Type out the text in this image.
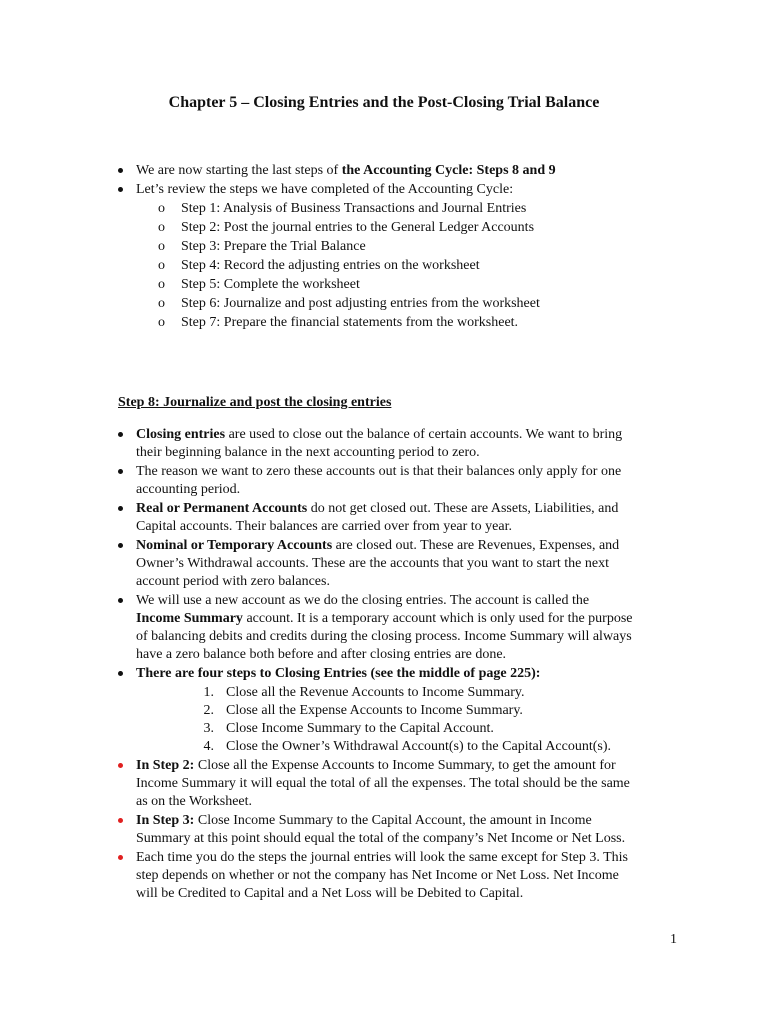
Chapter 5 – Closing Entries and the Post-Closing Trial Balance
We are now starting the last steps of the Accounting Cycle: Steps 8 and 9
Let’s review the steps we have completed of the Accounting Cycle:
o Step 1: Analysis of Business Transactions and Journal Entries
o Step 2: Post the journal entries to the General Ledger Accounts
o Step 3: Prepare the Trial Balance
o Step 4: Record the adjusting entries on the worksheet
o Step 5: Complete the worksheet
o Step 6: Journalize and post adjusting entries from the worksheet
o Step 7: Prepare the financial statements from the worksheet.
Step 8: Journalize and post the closing entries
Closing entries are used to close out the balance of certain accounts. We want to bring
their beginning balance in the next accounting period to zero.
The reason we want to zero these accounts out is that their balances only apply for one
accounting period.
Real or Permanent Accounts do not get closed out. These are Assets, Liabilities, and
Capital accounts. Their balances are carried over from year to year.
Nominal or Temporary Accounts are closed out. These are Revenues, Expenses, and
Owner’s Withdrawal accounts. These are the accounts that you want to start the next
account period with zero balances.
We will use a new account as we do the closing entries. The account is called the
Income Summary account. It is a temporary account which is only used for the purpose
of balancing debits and credits during the closing process. Income Summary will always
have a zero balance both before and after closing entries are done.
There are four steps to Closing Entries (see the middle of page 225):
1. Close all the Revenue Accounts to Income Summary.
2. Close all the Expense Accounts to Income Summary.
3. Close Income Summary to the Capital Account.
4. Close the Owner’s Withdrawal Account(s) to the Capital Account(s).
In Step 2: Close all the Expense Accounts to Income Summary, to get the amount for
Income Summary it will equal the total of all the expenses. The total should be the same
as on the Worksheet.
In Step 3: Close Income Summary to the Capital Account, the amount in Income
Summary at this point should equal the total of the company’s Net Income or Net Loss.
Each time you do the steps the journal entries will look the same except for Step 3. This
step depends on whether or not the company has Net Income or Net Loss. Net Income
will be Credited to Capital and a Net Loss will be Debited to Capital.
1
